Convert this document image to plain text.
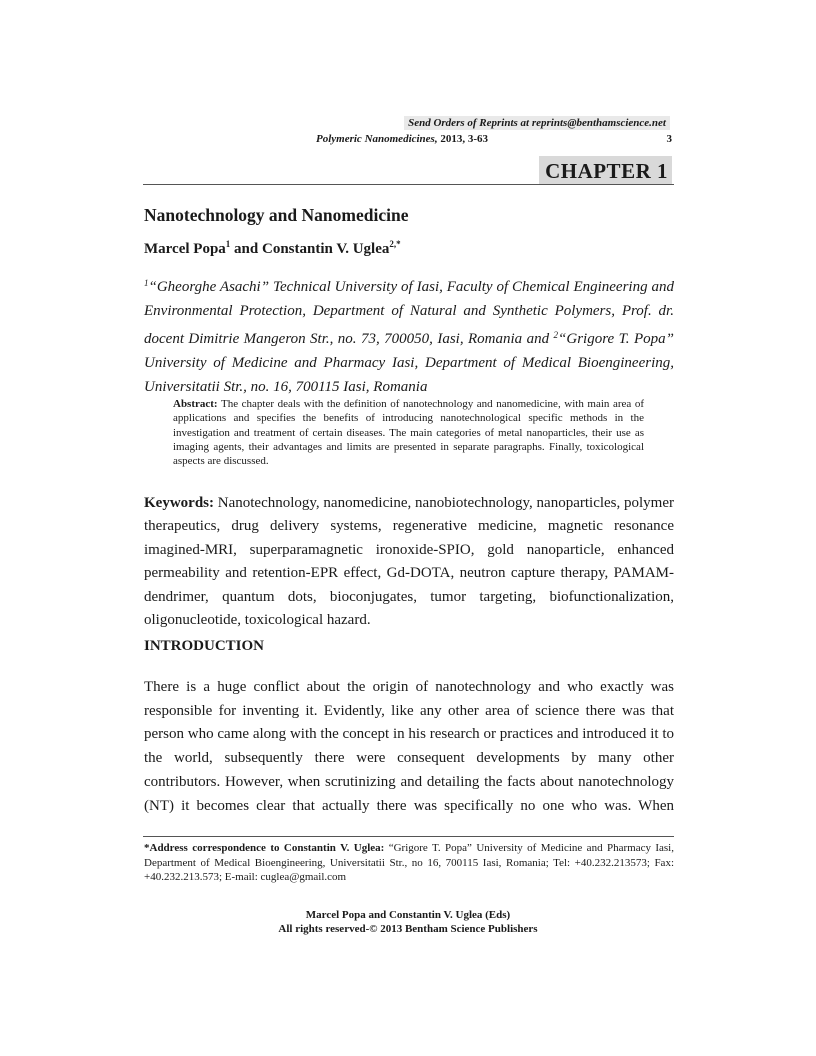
Send Orders of Reprints at reprints@benthamscience.net
Polymeric Nanomedicines, 2013, 3-63	3
CHAPTER 1
Nanotechnology and Nanomedicine
Marcel Popa$^1$ and Constantin V. Uglea$^{2,*}$
$^1$“Gheorghe Asachi” Technical University of Iasi, Faculty of Chemical Engineering and Environmental Protection, Department of Natural and Synthetic Polymers, Prof. dr. docent Dimitrie Mangeron Str., no. 73, 700050, Iasi, Romania and $^2$“Grigore T. Popa” University of Medicine and Pharmacy Iasi, Department of Medical Bioengineering, Universitatii Str., no. 16, 700115 Iasi, Romania
Abstract: The chapter deals with the definition of nanotechnology and nanomedicine, with main area of applications and specifies the benefits of introducing nanotechnological specific methods in the investigation and treatment of certain diseases. The main categories of metal nanoparticles, their use as imaging agents, their advantages and limits are presented in separate paragraphs. Finally, toxicological aspects are discussed.
Keywords: Nanotechnology, nanomedicine, nanobiotechnology, nanoparticles, polymer therapeutics, drug delivery systems, regenerative medicine, magnetic resonance imagined-MRI, superparamagnetic ironoxide-SPIO, gold nanoparticle, enhanced permeability and retention-EPR effect, Gd-DOTA, neutron capture therapy, PAMAM-dendrimer, quantum dots, bioconjugates, tumor targeting, biofunctionalization, oligonucleotide, toxicological hazard.
INTRODUCTION
There is a huge conflict about the origin of nanotechnology and who exactly was responsible for inventing it. Evidently, like any other area of science there was that person who came along with the concept in his research or practices and introduced it to the world, subsequently there were consequent developments by many other contributors. However, when scrutinizing and detailing the facts about nanotechnology (NT) it becomes clear that actually there was specifically no one who was. When
*Address correspondence to Constantin V. Uglea: “Grigore T. Popa” University of Medicine and Pharmacy Iasi, Department of Medical Bioengineering, Universitatii Str., no 16, 700115 Iasi, Romania; Tel: +40.232.213573; Fax: +40.232.213.573; E-mail: cuglea@gmail.com
Marcel Popa and Constantin V. Uglea (Eds)
All rights reserved-© 2013 Bentham Science Publishers
